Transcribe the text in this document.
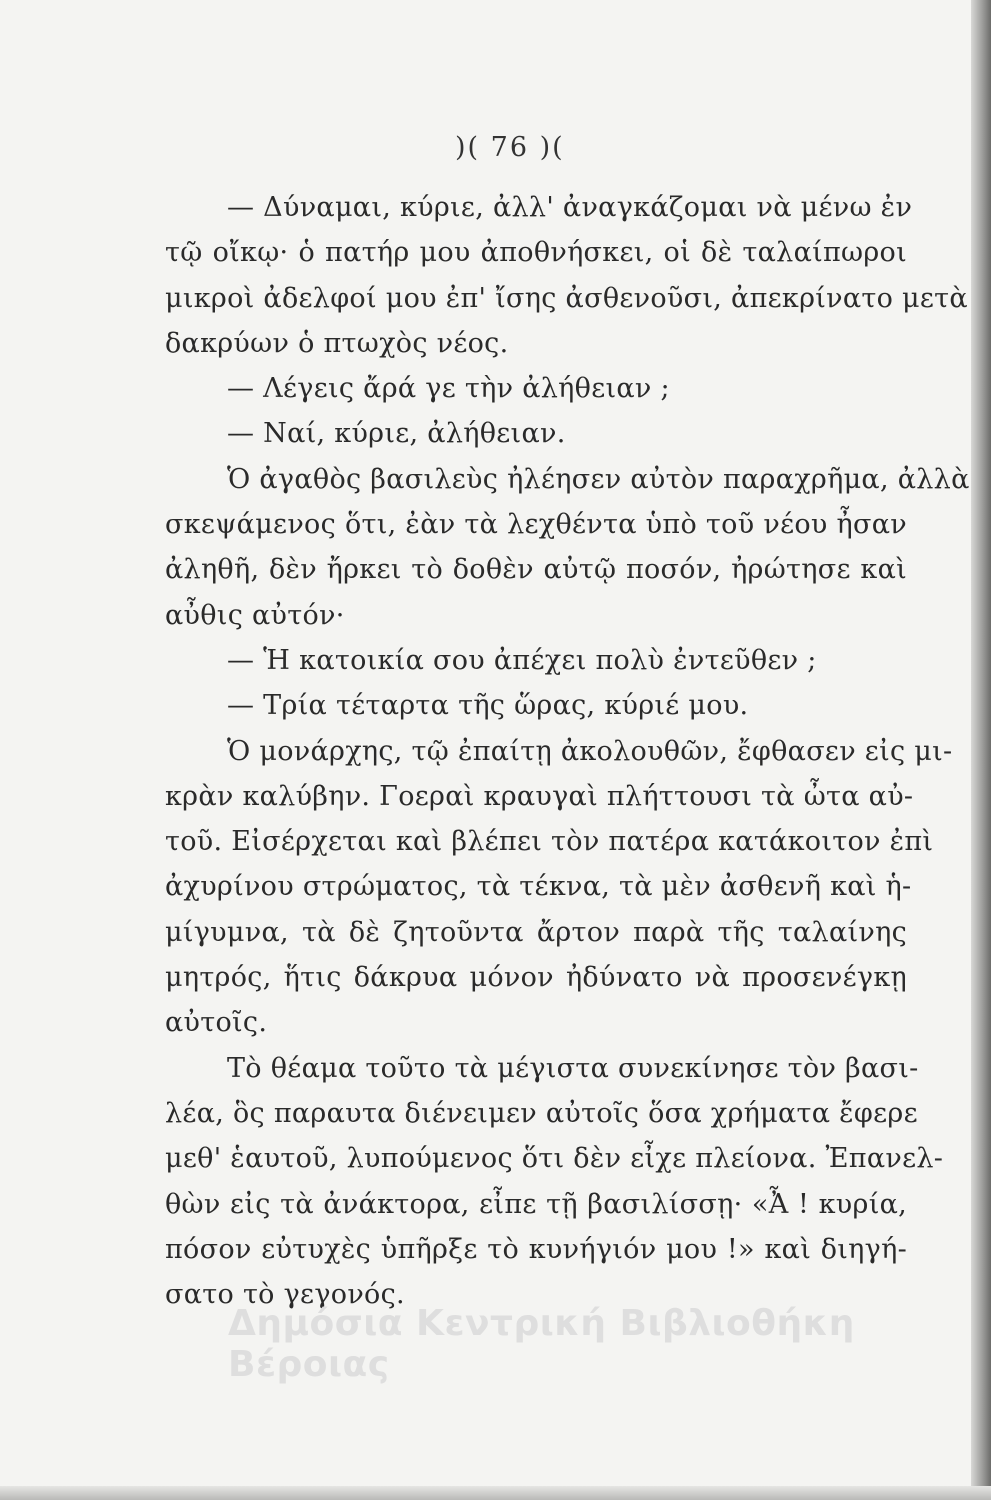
)( 76 )(
— Δύναμαι, κύριε, ἀλλ' ἀναγκάζομαι νὰ μένω ἐν
τῷ οἴκῳ· ὁ πατήρ μου ἀποθνήσκει, οἱ δὲ ταλαίπωροι
μικροὶ ἀδελφοί μου ἐπ' ἴσης ἀσθενοῦσι, ἀπεκρίνατο μετὰ
δακρύων ὁ πτωχὸς νέος.
— Λέγεις ἄρά γε τὴν ἀλήθειαν ;
— Ναί, κύριε, ἀλήθειαν.
Ὁ ἀγαθὸς βασιλεὺς ἠλέησεν αὐτὸν παραχρῆμα, ἀλλὰ
σκεψάμενος ὅτι, ἐὰν τὰ λεχθέντα ὑπὸ τοῦ νέου ἦσαν
ἀληθῆ, δὲν ἤρκει τὸ δοθὲν αὐτῷ ποσόν, ἠρώτησε καὶ
αὖθις αὐτόν·
— Ἡ κατοικία σου ἀπέχει πολὺ ἐντεῦθεν ;
— Τρία τέταρτα τῆς ὥρας, κύριέ μου.
Ὁ μονάρχης, τῷ ἐπαίτῃ ἀκολουθῶν, ἔφθασεν εἰς μι-
κρὰν καλύβην. Γοεραὶ κραυγαὶ πλήττουσι τὰ ὦτα αὐ-
τοῦ. Εἰσέρχεται καὶ βλέπει τὸν πατέρα κατάκοιτον ἐπὶ
ἀχυρίνου στρώματος, τὰ τέκνα, τὰ μὲν ἀσθενῆ καὶ ἡ-
μίγυμνα, τὰ δὲ ζητοῦντα ἄρτον παρὰ τῆς ταλαίνης
μητρός, ἥτις δάκρυα μόνον ἠδύνατο νὰ προσενέγκῃ
αὐτοῖς.
Τὸ θέαμα τοῦτο τὰ μέγιστα συνεκίνησε τὸν βασι-
λέα, ὃς παραυτα διένειμεν αὐτοῖς ὅσα χρήματα ἔφερε
μεθ' ἑαυτοῦ, λυπούμενος ὅτι δὲν εἶχε πλείονα. Ἐπανελ-
θὼν εἰς τὰ ἀνάκτορα, εἶπε τῇ βασιλίσσῃ· «Ἆ ! κυρία,
πόσον εὐτυχὲς ὑπῆρξε τὸ κυνήγιόν μου !» καὶ διηγή-
σατο τὸ γεγονός.
Δημόσια Κεντρική Βιβλιοθήκη Βέροιας
